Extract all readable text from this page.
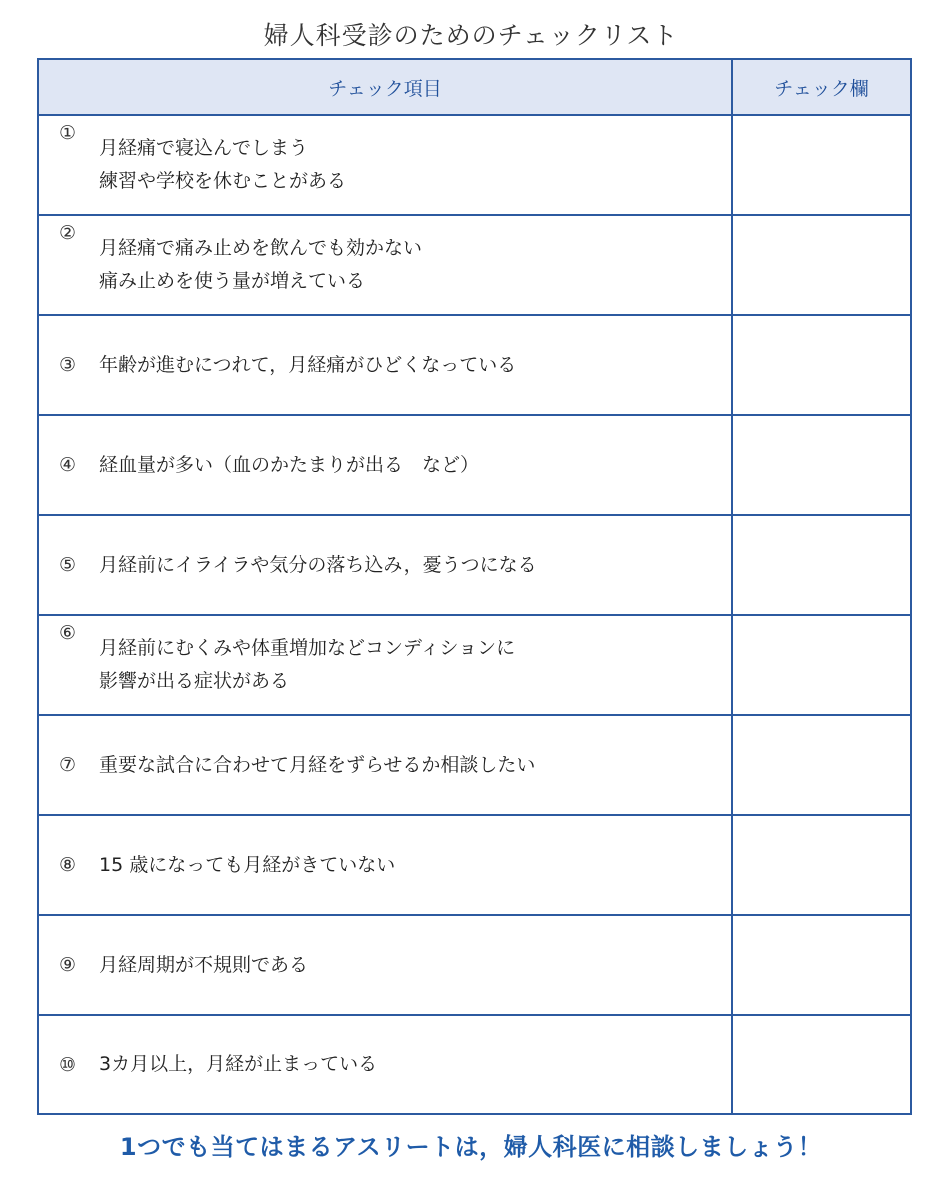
婦人科受診のためのチェックリスト
チェック項目	チェック欄
①
月経痛で寝込んでしまう
練習や学校を休むことがある
②
月経痛で痛み止めを飲んでも効かない
痛み止めを使う量が増えている
③	年齢が進むにつれて，月経痛がひどくなっている
④	経血量が多い（血のかたまりが出る　など）
⑤	月経前にイライラや気分の落ち込み，憂うつになる
⑥
月経前にむくみや体重増加などコンディションに
影響が出る症状がある
⑦	重要な試合に合わせて月経をずらせるか相談したい
⑧	15 歳になっても月経がきていない
⑨	月経周期が不規則である
⑩	3カ月以上，月経が止まっている
1つでも当てはまるアスリートは，婦人科医に相談しましょう！
